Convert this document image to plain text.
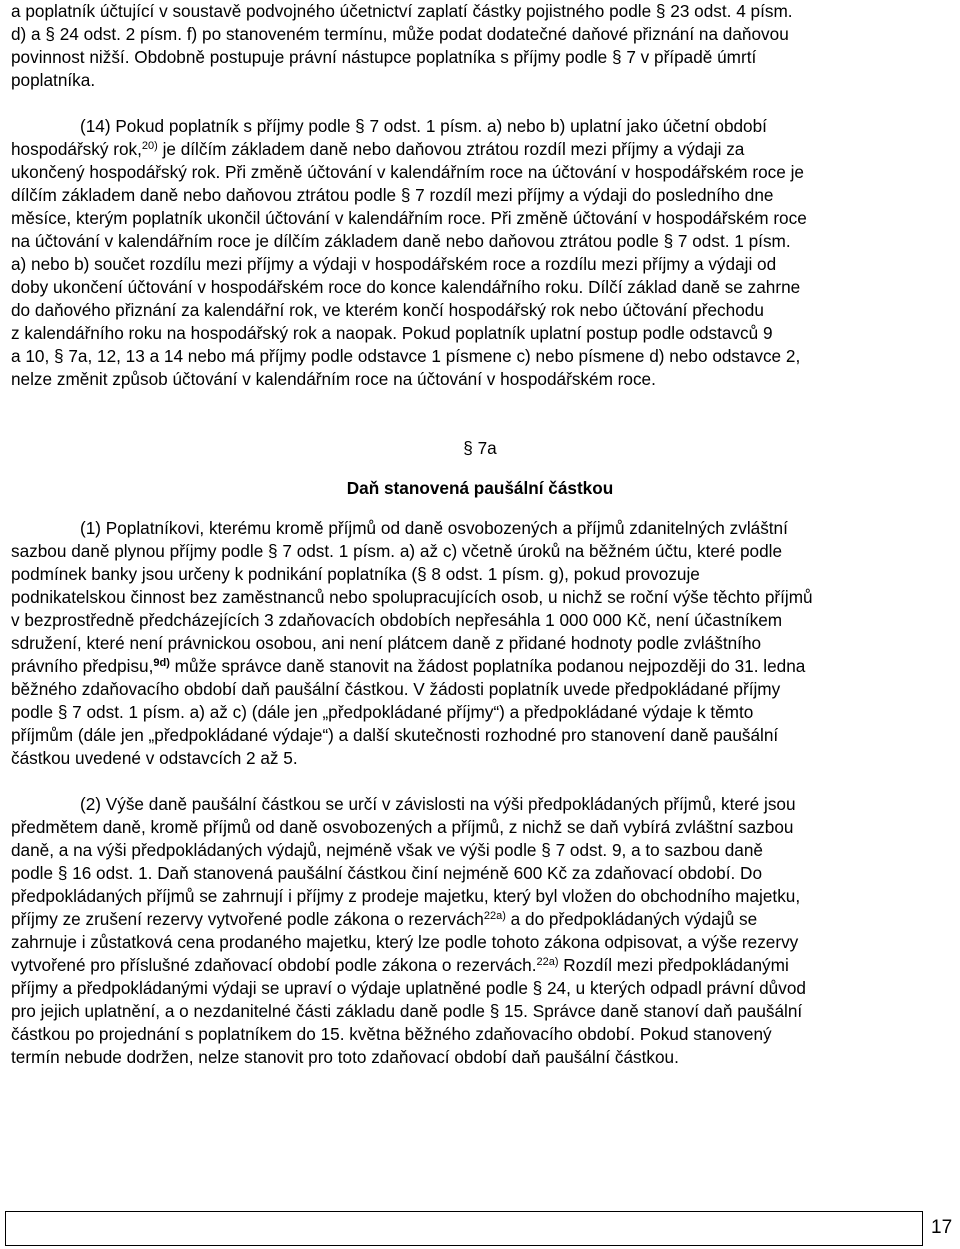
a poplatník účtující v soustavě podvojného účetnictví zaplatí částky pojistného podle § 23 odst. 4 písm.
d) a § 24 odst. 2 písm. f) po stanoveném termínu, může podat dodatečné daňové přiznání na daňovou
povinnost nižší. Obdobně postupuje právní nástupce poplatníka s příjmy podle § 7 v případě úmrtí
poplatníka.
(14) Pokud poplatník s příjmy podle § 7 odst. 1 písm. a) nebo b) uplatní jako účetní období
hospodářský rok,$^{20)}$ je dílčím základem daně nebo daňovou ztrátou rozdíl mezi příjmy a výdaji za
ukončený hospodářský rok. Při změně účtování v kalendářním roce na účtování v hospodářském roce je
dílčím základem daně nebo daňovou ztrátou podle § 7 rozdíl mezi příjmy a výdaji do posledního dne
měsíce, kterým poplatník ukončil účtování v kalendářním roce. Při změně účtování v hospodářském roce
na účtování v kalendářním roce je dílčím základem daně nebo daňovou ztrátou podle § 7 odst. 1 písm.
a) nebo b) součet rozdílu mezi příjmy a výdaji v hospodářském roce a rozdílu mezi příjmy a výdaji od
doby ukončení účtování v hospodářském roce do konce kalendářního roku. Dílčí základ daně se zahrne
do daňového přiznání za kalendářní rok, ve kterém končí hospodářský rok nebo účtování přechodu
z kalendářního roku na hospodářský rok a naopak. Pokud poplatník uplatní postup podle odstavců 9
a 10, § 7a, 12, 13 a 14 nebo má příjmy podle odstavce 1 písmene c) nebo písmene d) nebo odstavce 2,
nelze změnit způsob účtování v kalendářním roce na účtování v hospodářském roce.
§ 7a
Daň stanovená paušální částkou
(1) Poplatníkovi, kterému kromě příjmů od daně osvobozených a příjmů zdanitelných zvláštní
sazbou daně plynou příjmy podle § 7 odst. 1 písm. a) až c) včetně úroků na běžném účtu, které podle
podmínek banky jsou určeny k podnikání poplatníka (§ 8 odst. 1 písm. g), pokud provozuje
podnikatelskou činnost bez zaměstnanců nebo spolupracujících osob, u nichž se roční výše těchto příjmů
v bezprostředně předcházejících 3 zdaňovacích obdobích nepřesáhla 1 000 000 Kč, není účastníkem
sdružení, které není právnickou osobou, ani není plátcem daně z přidané hodnoty podle zvláštního
právního předpisu,$^{9d)}$ může správce daně stanovit na žádost poplatníka podanou nejpozději do 31. ledna
běžného zdaňovacího období daň paušální částkou. V žádosti poplatník uvede předpokládané příjmy
podle § 7 odst. 1 písm. a) až c) (dále jen „předpokládané příjmy“) a předpokládané výdaje k těmto
příjmům (dále jen „předpokládané výdaje“) a další skutečnosti rozhodné pro stanovení daně paušální
částkou uvedené v odstavcích 2 až 5.
(2) Výše daně paušální částkou se určí v závislosti na výši předpokládaných příjmů, které jsou
předmětem daně, kromě příjmů od daně osvobozených a příjmů, z nichž se daň vybírá zvláštní sazbou
daně, a na výši předpokládaných výdajů, nejméně však ve výši podle § 7 odst. 9, a to sazbou daně
podle § 16 odst. 1. Daň stanovená paušální částkou činí nejméně 600 Kč za zdaňovací období. Do
předpokládaných příjmů se zahrnují i příjmy z prodeje majetku, který byl vložen do obchodního majetku,
příjmy ze zrušení rezervy vytvořené podle zákona o rezervách$^{22a)}$ a do předpokládaných výdajů se
zahrnuje i zůstatková cena prodaného majetku, který lze podle tohoto zákona odpisovat, a výše rezervy
vytvořené pro příslušné zdaňovací období podle zákona o rezervách.$^{22a)}$ Rozdíl mezi předpokládanými
příjmy a předpokládanými výdaji se upraví o výdaje uplatněné podle § 24, u kterých odpadl právní důvod
pro jejich uplatnění, a o nezdanitelné části základu daně podle § 15. Správce daně stanoví daň paušální
částkou po projednání s poplatníkem do 15. května běžného zdaňovacího období. Pokud stanovený
termín nebude dodržen, nelze stanovit pro toto zdaňovací období daň paušální částkou.
17
